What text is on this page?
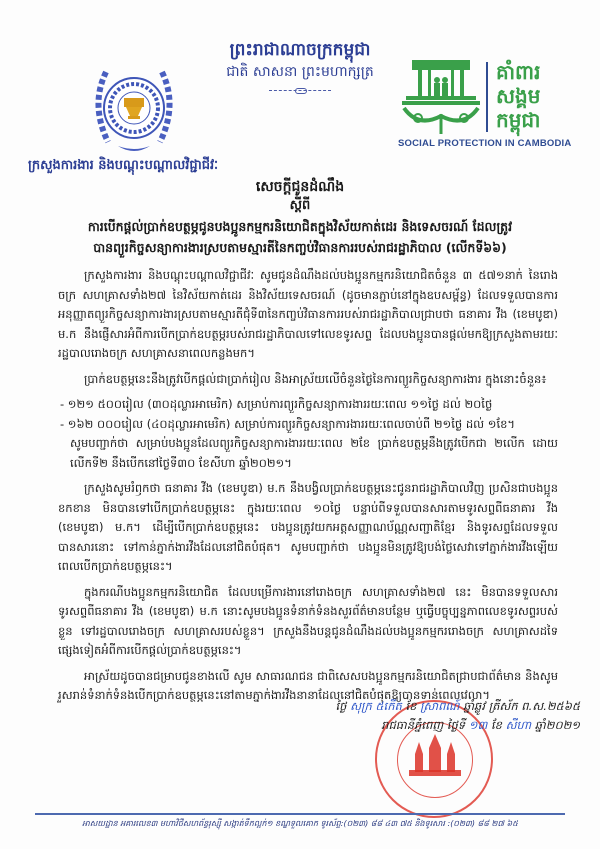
ព្រះរាជាណាចក្រកម្ពុជា
ជាតិ សាសនា ព្រះមហាក្សត្រ	គាំពារ
សង្គម
កម្ពុជា
SOCIAL PROTECTION IN CAMBODIA
ក្រសួងការងារ និងបណ្តុះបណ្តាលវិជ្ជាជីវៈ
សេចក្តីជូនដំណឹង
ស្តីពី
ការបើកផ្តល់ប្រាក់ឧបត្ថម្ភជូនបងប្អូនកម្មករនិយោជិតក្នុងវិស័យកាត់ដេរ និងទេសចរណ៍ ដែលត្រូវ
បានព្យួរកិច្ចសន្យាការងារស្របតាមស្មារតីនៃកញ្ចប់វិធានការរបស់រាជរដ្ឋាភិបាល (លើកទី៦៦)

ក្រសួងការងារ និងបណ្តុះបណ្តាលវិជ្ជាជីវៈ សូមជូនដំណឹងដល់បងប្អូនកម្មករនិយោជិតចំនួន ៣ ៥៧១នាក់ នៃរោងចក្រ សហគ្រាសទាំង២៧ នៃវិស័យកាត់ដេរ និងវិស័យទេសចរណ៍ (ដូចមានភ្ជាប់នៅក្នុងឧបសម្ព័ន្ធ) ដែលទទួលបានការអនុញ្ញាតព្យួរកិច្ចសន្យាការងារស្របតាមស្មារតីជុំទី៣នៃកញ្ចប់វិធានការរបស់រាជរដ្ឋាភិបាលជ្រាបថា ធនាគារ វីង (ខេមបូឌា) ម.ក នឹងផ្ញើសារអំពីការបើកប្រាក់ឧបត្ថម្ភរបស់រាជរដ្ឋាភិបាលទៅលេខទូរសព្ទ ដែលបងប្អូនបានផ្តល់មកឱ្យក្រសួងតាមរយៈរដ្ឋបាលរោងចក្រ សហគ្រាសនាពេលកន្លងមក។

ប្រាក់ឧបត្ថម្ភនេះនឹងត្រូវបើកផ្តល់ជាប្រាក់រៀល និងអាស្រ័យលើចំនួនថ្ងៃនៃការព្យួរកិច្ចសន្យាការងារ ក្នុងនោះចំនួន៖

- ១២១ ៥០០រៀល (៣០ដុល្លារអាមេរិក) សម្រាប់ការព្យួរកិច្ចសន្យាការងាររយៈពេល ១១ថ្ងៃ ដល់ ២០ថ្ងៃ

- ១៦២ ០០០រៀល (៤០ដុល្លារអាមេរិក) សម្រាប់ការព្យួរកិច្ចសន្យាការងាររយៈពេលចាប់ពី ២១ថ្ងៃ ដល់ ១ខែ។

សូមបញ្ជាក់ថា សម្រាប់បងប្អូនដែលព្យួរកិច្ចសន្យាការងាររយៈពេល ២ខែ ប្រាក់ឧបត្ថម្ភនឹងត្រូវបើកជា ២លើក ដោយលើកទី២ នឹងបើកនៅថ្ងៃទី៣០ ខែសីហា ឆ្នាំ២០២១។

ក្រសួងសូមរំឭកថា ធនាគារ វីង (ខេមបូឌា) ម.ក នឹងបង្វិលប្រាក់ឧបត្ថម្ភនេះជូនរាជរដ្ឋាភិបាលវិញ ប្រសិនជាបងប្អូនខកខាន មិនបានទៅបើកប្រាក់ឧបត្ថម្ភនេះ ក្នុងរយៈពេល ១០ថ្ងៃ បន្ទាប់ពីទទួលបានសារតាមទូរសព្ទពីធនាគារ វីង (ខេមបូឌា) ម.ក។ ដើម្បីបើកប្រាក់ឧបត្ថម្ភនេះ បងប្អូនត្រូវយកអត្តសញ្ញាណប័ណ្ណសញ្ជាតិខ្មែរ និងទូរសព្ទដែលទទួលបានសារនោះ ទៅកាន់ភ្នាក់ងារវីងដែលនៅជិតបំផុត។ សូមបញ្ជាក់ថា បងប្អូនមិនត្រូវឱ្យបង់ថ្លៃសេវាទៅភ្នាក់ងារវីងឡើយពេលបើកប្រាក់ឧបត្ថម្ភនេះ។

ក្នុងករណីបងប្អូនកម្មករនិយោជិត ដែលបម្រើការងារនៅរោងចក្រ សហគ្រាសទាំង២៧ នេះ មិនបានទទួលសារទូរសព្ទពីធនាគារ វីង (ខេមបូឌា) ម.ក នោះសូមបងប្អូនទំនាក់ទំនងសួរព័ត៌មានបន្ថែម ឬធ្វើបច្ចុប្បន្នភាពលេខទូរសព្ទរបស់ខ្លួន ទៅរដ្ឋបាលរោងចក្រ សហគ្រាសរបស់ខ្លួន។ ក្រសួងនឹងបន្តជូនដំណឹងដល់បងប្អូនកម្មកររោងចក្រ សហគ្រាសដទៃផ្សេងទៀតអំពីការបើកផ្តល់ប្រាក់ឧបត្ថម្ភនេះ។

អាស្រ័យដូចបានជម្រាបជូនខាងលើ សូម សាធារណជន ជាពិសេសបងប្អូនកម្មករនិយោជិតជ្រាបជាព័ត៌មាន និងសូមរួសរាន់ទំនាក់ទំនងបើកប្រាក់ឧបត្ថម្ភនេះនៅតាមភ្នាក់ងារវីងនានាដែលនៅជិតបំផុតឱ្យបានទាន់ពេលវេលា។

ថ្ងៃ សុក្រ ៥កើត ខែ ស្រាពណ៍ ឆ្នាំឆ្លូវ ត្រីស័ក ព.ស.២៥៦៥
រាជធានីភ្នំពេញ ថ្ងៃទី ១៣ ខែ សីហា ឆ្នាំ២០២១
អាសយដ្ឋាន អគារលេខ៣ មហាវិថីសហព័ន្ធរុស្ស៊ី សង្កាត់ទឹកល្អក់១ ខណ្ឌទួលគោក ទូរស័ព្ទ:(០២៣) ៨៨ ៤៣ ៧៥ និងទូរសារ :(០២៣) ៨៨ ២៧ ៦៥
